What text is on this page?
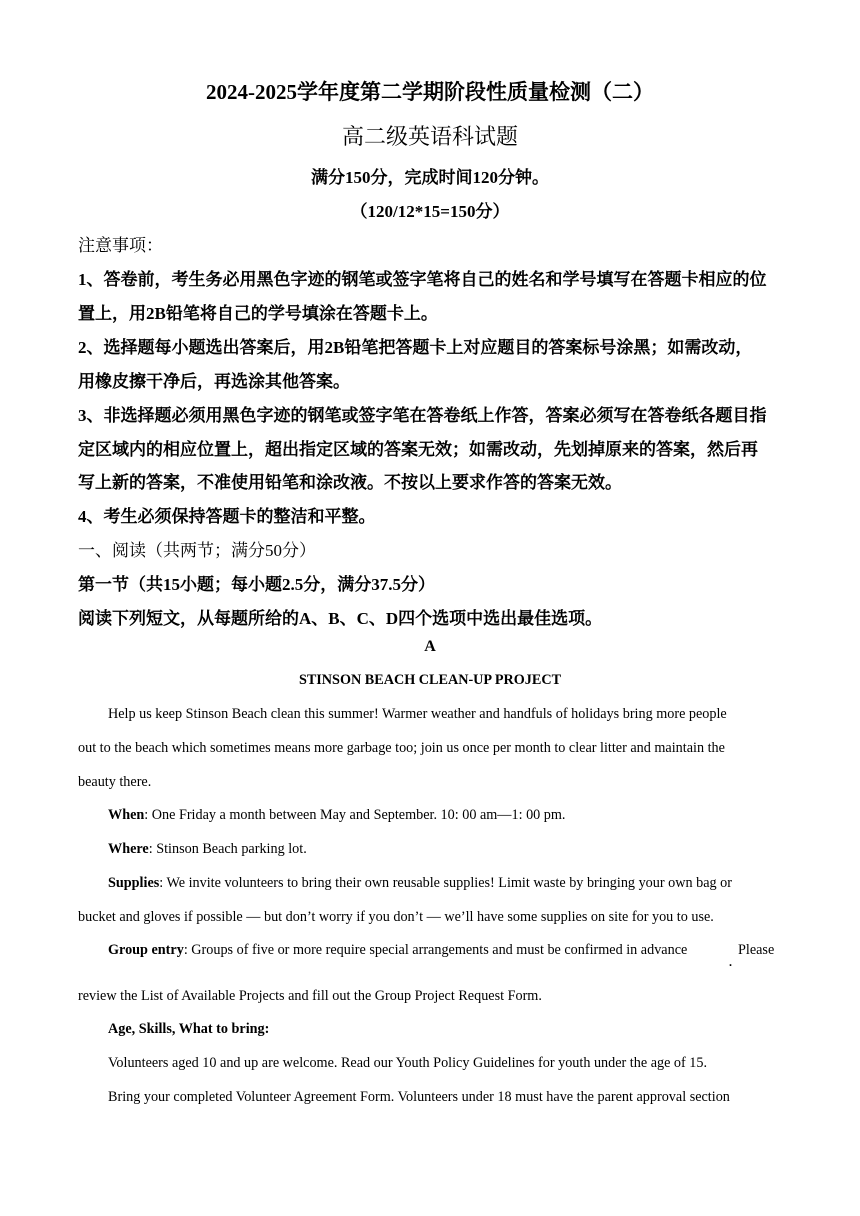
2024-2025学年度第二学期阶段性质量检测（二）
高二级英语科试题
满分150分，完成时间120分钟。
（120/12*15=150分）
注意事项：
1、答卷前，考生务必用黑色字迹的钢笔或签字笔将自己的姓名和学号填写在答题卡相应的位
置上，用2B铅笔将自己的学号填涂在答题卡上。
2、选择题每小题选出答案后，用2B铅笔把答题卡上对应题目的答案标号涂黑；如需改动，
用橡皮擦干净后，再选涂其他答案。
3、非选择题必须用黑色字迹的钢笔或签字笔在答卷纸上作答，答案必须写在答卷纸各题目指
定区域内的相应位置上，超出指定区域的答案无效；如需改动，先划掉原来的答案，然后再
写上新的答案，不准使用铅笔和涂改液。不按以上要求作答的答案无效。
4、考生必须保持答题卡的整洁和平整。
一、阅读（共两节；满分50分）
第一节（共15小题；每小题2.5分，满分37.5分）
阅读下列短文，从每题所给的A、B、C、D四个选项中选出最佳选项。
A
STINSON BEACH CLEAN-UP PROJECT
Help us keep Stinson Beach clean this summer! Warmer weather and handfuls of holidays bring more people
out to the beach which sometimes means more garbage too; join us once per month to clear litter and maintain the
beauty there.
When: One Friday a month between May and September. 10: 00 am—1: 00 pm.
Where: Stinson Beach parking lot.
Supplies: We invite volunteers to bring their own reusable supplies! Limit waste by bringing your own bag or
bucket and gloves if possible — but don’t worry if you don’t — we’ll have some supplies on site for you to use.
Group entry: Groups of five or more require special arrangements and must be confirmed in advance	Please
.
review the List of Available Projects and fill out the Group Project Request Form.
Age, Skills, What to bring:
Volunteers aged 10 and up are welcome. Read our Youth Policy Guidelines for youth under the age of 15.
Bring your completed Volunteer Agreement Form. Volunteers under 18 must have the parent approval section
